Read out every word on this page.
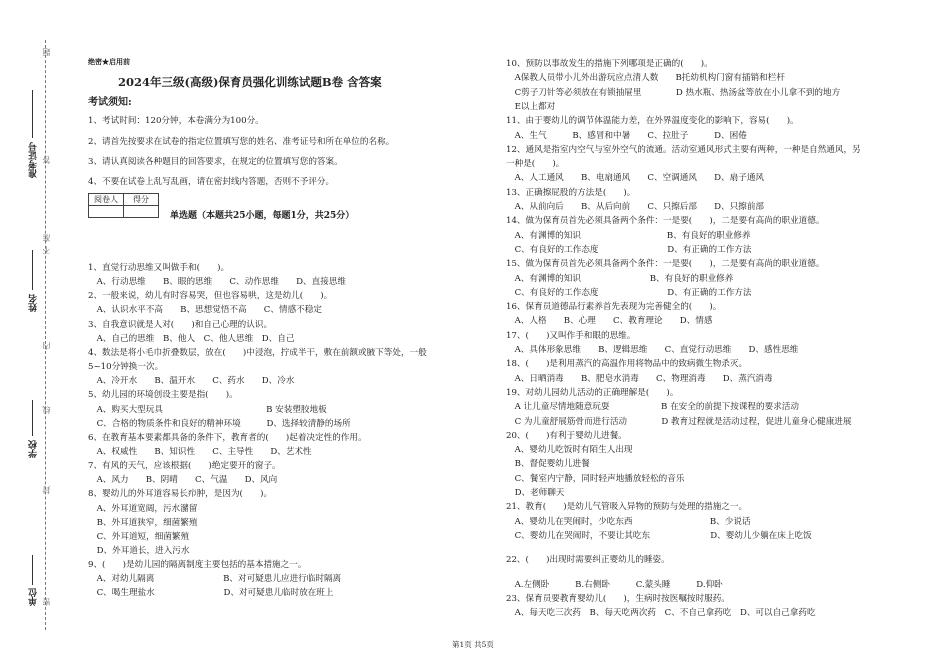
题
答
准
不
内
线
封
密
准考证号
姓名
学校
单位
绝密★启用前
2024年三级(高级)保育员强化训练试题B卷 含答案
考试须知:
1、考试时间：120分钟，本卷满分为100分。
2、请首先按要求在试卷的指定位置填写您的姓名、准考证号和所在单位的名称。
3、请认真阅读各种题目的回答要求，在规定的位置填写您的答案。
4、不要在试卷上乱写乱画，请在密封线内答题，否则不予评分。
阅卷人	得分

单选题（本题共25小题，每题1分，共25分）
1、直觉行动思维又叫做手和(　　)。
　A、行动思维　　B、眼的思维　　C、动作思维　　D、直接思维
2、一般来说，幼儿有时容易哭，但也容易哄，这是幼儿(　　)。
　A、认识水平不高　　B、思想觉悟不高　　C、情感不稳定
3、自我意识就是人对(　　)和自己心理的认识。
　A、自己的思维　B、他人　C、他人思维　D、自己
4、数法是将小毛巾折叠数层，放在(　　)中浸泡，拧成半干，敷在前额或腋下等处，一般
5~10分钟换一次。
　A、冷开水　　B、温开水　　C、药水　　D、冷水
5、幼儿园的环境创设主要是指(　　)。
　A、购买大型玩具　　　　　　　　　　　　B 安装塑胶地板
　C、合格的物质条件和良好的精神环境　　　D、选择较清静的场所
6、在教育基本要素都具备的条件下，教育者的(　　)起着决定性的作用。
　A、权威性　　B、知识性　　C、主导性　　D、艺术性
7、有风的天气，应该根据(　　)绝定要开的窗子。
　A、风力　　B、阴晴　　C、气温　　D、风向
8、婴幼儿的外耳道容易长疖肿，是因为(　　)。
　A、外耳道宽阔，污水瀦留
　B、外耳道狭窄，细菌繁殖
　C、外耳道短，细菌繁殖
　D、外耳道长，进入污水
9、(　　)是幼儿园的隔离制度主要包括的基本措施之一。
　A、对幼儿隔离　　　　　　　　B、对可疑患儿应进行临时隔离
　C、喝生理盐水　　　　　　　　D、对可疑患儿临时放在班上
10、预防以事故发生的措施下列哪项是正确的(　　)。
　A保教人员带小儿外出游玩应点清人数　　B托幼机构门窗有插销和栏杆
　C剪子刀针等必须放在有锁抽屉里　　　　D 热水瓶、热汤盆等放在小儿拿不到的地方
　E以上都对
11、由于婴幼儿的调节体温能力差，在外界温度变化的影响下，容易(　　)。
　A、生气　　　B、感冒和中暑　　C、拉肚子　　　D、困倦
12、通风是指室内空气与室外空气的流通。活动室通风形式主要有两种，一种是自然通风，另
一种是(　　)。
　A、人工通风　　B、电扇通风　　C、空调通风　　D、扇子通风
13、正确擦屁股的方法是(　　)。
　A、从前向后　　B、从后向前　　C、只擦后部　　D、只擦前部
14、做为保育员首先必须具备两个条件：一是要(　　)，二是要有高尚的职业道德。
　A、有渊博的知识　　　　　　　　　　B、有良好的职业修养
　C、有良好的工作态度　　　　　　　　D、有正确的工作方法
15、做为保育员首先必须具备两个条件：一是要(　　)，二是要有高尚的职业道德。
　A、有渊博的知识　　　　　　　　B、有良好的职业修养
　C、有良好的工作态度　　　　　　　　D、有正确的工作方法
16、保育员道德品行素养首先表现为完善健全的(　　)。
　A、人格　　B、心理　　C、教育理论　　D、情感
17、(　　)又叫作手和眼的思维。
　A、具体形象思维　　B、逻辑思维　　C、直觉行动思维　　D、感性思维
18、(　　)是利用蒸汽的高温作用将物品中的致病微生物杀灭。
　A、日晒消毒　　B、肥皂水消毒　　C、物理消毒　　D、蒸汽消毒
19、对幼儿园幼儿活动的正确理解是(　　)。
　A 让儿童尽情地随意玩耍　　　　　　B 在安全的前提下按课程的要求活动
　C 为儿童舒展筋骨而进行活动　　　　D 教育过程就是活动过程，促进儿童身心健康进展
20、(　　)有利于婴幼儿进餐。
　A、婴幼儿吃饭时有陌生人出现
　B、督促婴幼儿进餐
　C、餐室内宁静，同时轻声地播放轻松的音乐
　D、老师聊天
21、教育(　　)是幼儿气管吸入异物的预防与处理的措施之一。
　A、婴幼儿在哭闹时，少吃东西　　　　　　　　　B、少说话
　C、婴幼儿在哭闹时，不要让其吃东　　　　　　　D、婴幼儿少躺在床上吃饭
22、(　　)出现时需要纠正婴幼儿的睡姿。
　A.左侧卧　　　B.右侧卧　　　C.蒙头睡　　　D.仰卧
23、保育员要教育婴幼儿(　　)，生病时按医嘱按时服药。
　A、每天吃三次药　B、每天吃两次药　C、不自己拿药吃　D、可以自己拿药吃
第1页 共5页
